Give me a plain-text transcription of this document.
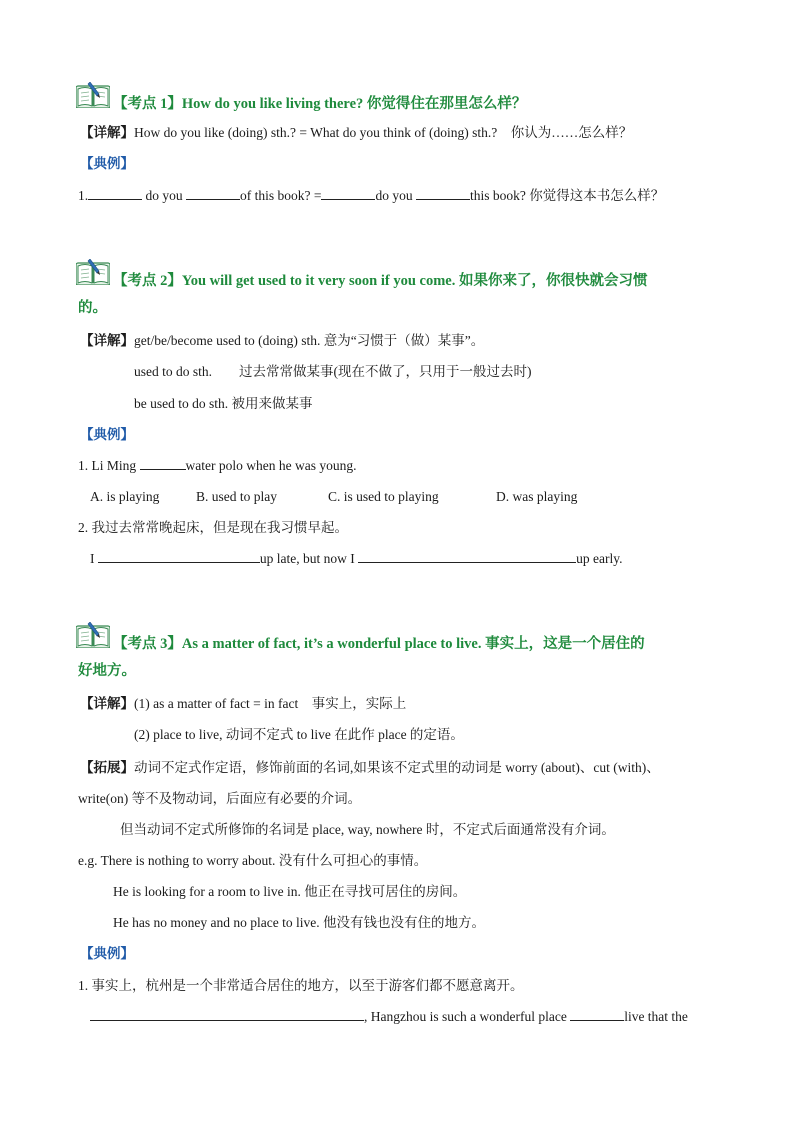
【考点 1】How do you like living there? 你觉得住在那里怎么样？
【详解】How do you like (doing) sth.? = What do you think of (doing) sth.?　你认为……怎么样？
【典例】
1.	do you	of this book? =	do you	this book? 你觉得这本书怎么样？
【考点 2】You will get used to it very soon if you come. 如果你来了，你很快就会习惯
的。
【详解】get/be/become used to (doing) sth. 意为“习惯于（做）某事”。
used to do sth.　　过去常常做某事(现在不做了，只用于一般过去时)
be used to do sth. 被用来做某事
【典例】
1. Li Ming	water polo when he was young.
A. is playing	B. used to play	C. is used to playing	D. was playing
2. 我过去常常晚起床，但是现在我习惯早起。
I	up late, but now I	up early.
【考点 3】As a matter of fact, it’s a wonderful place to live. 事实上，这是一个居住的
好地方。
【详解】(1) as a matter of fact = in fact　事实上，实际上
(2) place to live, 动词不定式 to live 在此作 place 的定语。
【拓展】动词不定式作定语，修饰前面的名词,如果该不定式里的动词是 worry (about)、cut (with)、
write(on) 等不及物动词，后面应有必要的介词。
但当动词不定式所修饰的名词是 place, way, nowhere 时，不定式后面通常没有介词。
e.g. There is nothing to worry about. 没有什么可担心的事情。
He is looking for a room to live in. 他正在寻找可居住的房间。
He has no money and no place to live. 他没有钱也没有住的地方。
【典例】
1. 事实上，杭州是一个非常适合居住的地方，以至于游客们都不愿意离开。
, Hangzhou is such a wonderful place	live that the
